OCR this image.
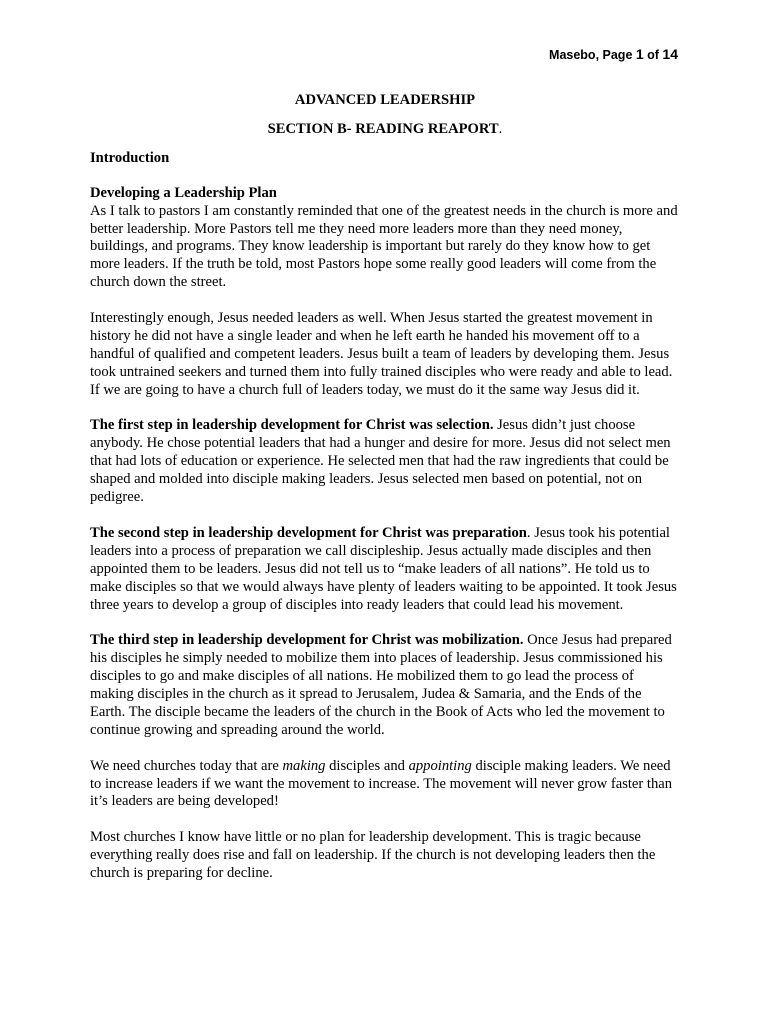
Masebo, Page 1 of 14
ADVANCED LEADERSHIP
SECTION B- READING REAPORT.
Introduction
Developing a Leadership Plan

As I talk to pastors I am constantly reminded that one of the greatest needs in the church is more and better leadership. More Pastors tell me they need more leaders more than they need money, buildings, and programs. They know leadership is important but rarely do they know how to get more leaders. If the truth be told, most Pastors hope some really good leaders will come from the church down the street.

Interestingly enough, Jesus needed leaders as well. When Jesus started the greatest movement in history he did not have a single leader and when he left earth he handed his movement off to a handful of qualified and competent leaders. Jesus built a team of leaders by developing them. Jesus took untrained seekers and turned them into fully trained disciples who were ready and able to lead. If we are going to have a church full of leaders today, we must do it the same way Jesus did it.

The first step in leadership development for Christ was selection. Jesus didn’t just choose anybody. He chose potential leaders that had a hunger and desire for more. Jesus did not select men that had lots of education or experience. He selected men that had the raw ingredients that could be shaped and molded into disciple making leaders. Jesus selected men based on potential, not on pedigree.

The second step in leadership development for Christ was preparation. Jesus took his potential leaders into a process of preparation we call discipleship. Jesus actually made disciples and then appointed them to be leaders. Jesus did not tell us to “make leaders of all nations”. He told us to make disciples so that we would always have plenty of leaders waiting to be appointed. It took Jesus three years to develop a group of disciples into ready leaders that could lead his movement.

The third step in leadership development for Christ was mobilization. Once Jesus had prepared his disciples he simply needed to mobilize them into places of leadership. Jesus commissioned his disciples to go and make disciples of all nations. He mobilized them to go lead the process of making disciples in the church as it spread to Jerusalem, Judea & Samaria, and the Ends of the Earth. The disciple became the leaders of the church in the Book of Acts who led the movement to continue growing and spreading around the world.

We need churches today that are making disciples and appointing disciple making leaders. We need to increase leaders if we want the movement to increase. The movement will never grow faster than it’s leaders are being developed!

Most churches I know have little or no plan for leadership development. This is tragic because everything really does rise and fall on leadership. If the church is not developing leaders then the church is preparing for decline.
